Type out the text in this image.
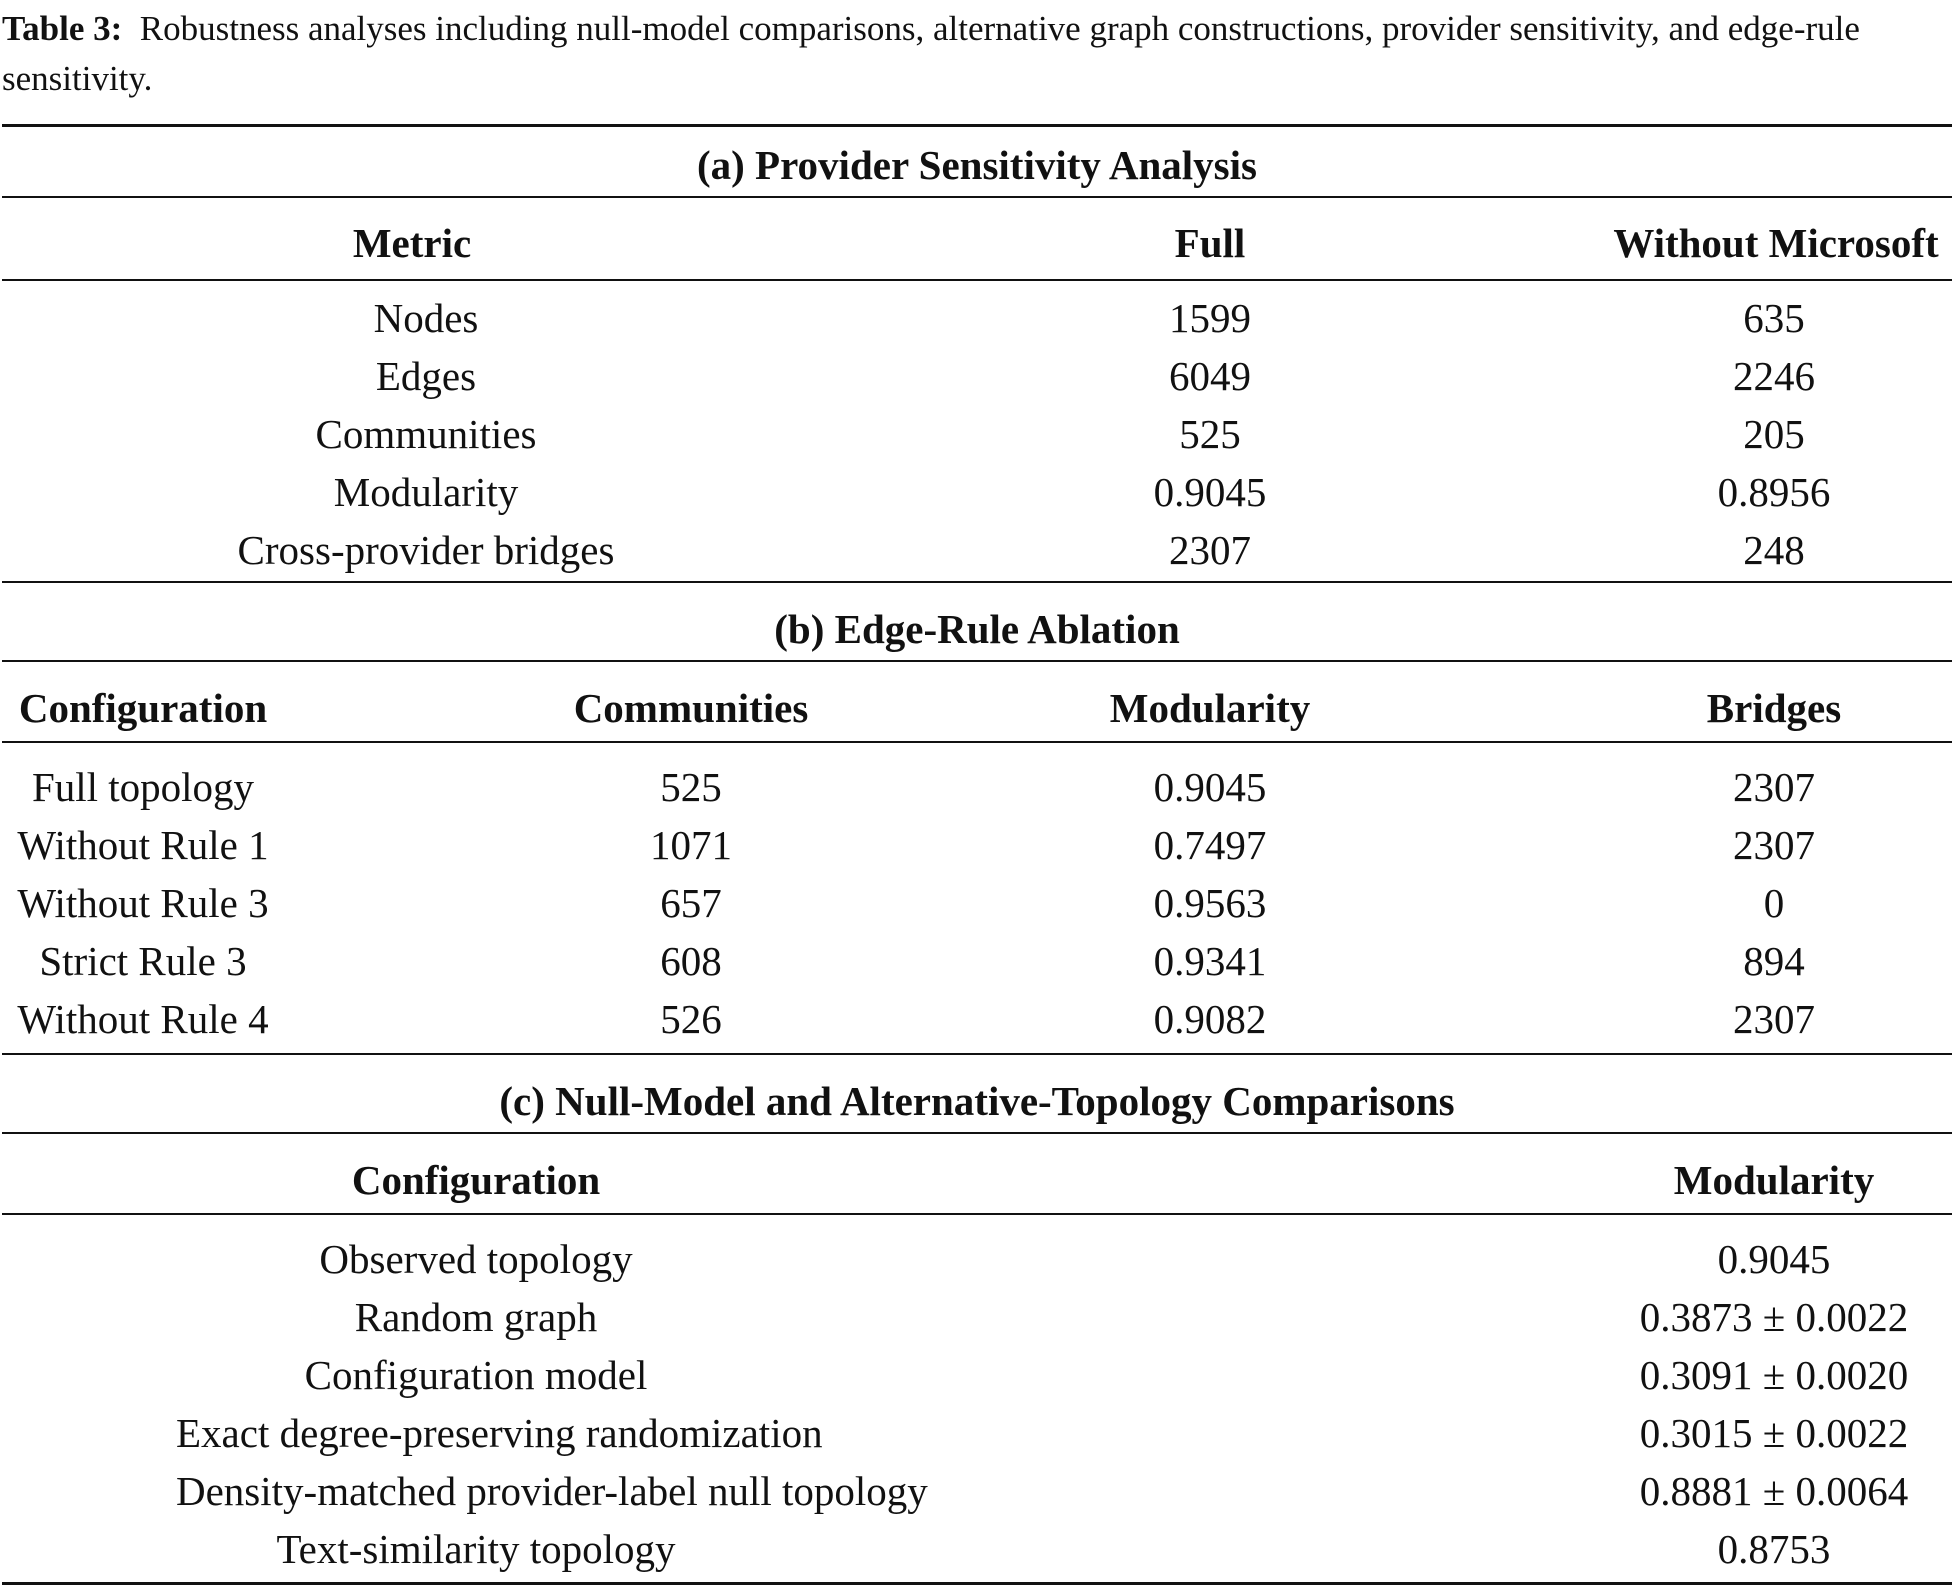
Table 3: Robustness analyses including null-model comparisons, alternative graph constructions, provider sensitivity, and edge-rule sensitivity.
(a) Provider Sensitivity Analysis
Metric	Full	Without Microsoft
Nodes	1599	635
Edges	6049	2246
Communities	525	205
Modularity	0.9045	0.8956
Cross-provider bridges	2307	248
(b) Edge-Rule Ablation
Configuration	Communities	Modularity	Bridges
Full topology	525	0.9045	2307
Without Rule 1	1071	0.7497	2307
Without Rule 3	657	0.9563	0
Strict Rule 3	608	0.9341	894
Without Rule 4	526	0.9082	2307
(c) Null-Model and Alternative-Topology Comparisons
Configuration	Modularity
Observed topology	0.9045
Random graph	0.3873 ± 0.0022
Configuration model	0.3091 ± 0.0020
Exact degree-preserving randomization	0.3015 ± 0.0022
Density-matched provider-label null topology	0.8881 ± 0.0064
Text-similarity topology	0.8753
